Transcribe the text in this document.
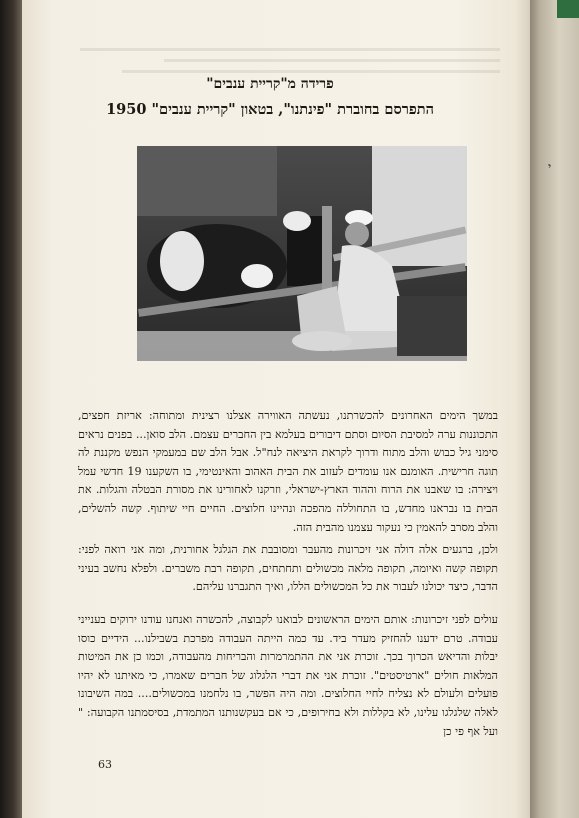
פרידה מ"קריית ענבים"
התפרסם בחוברת "פינתנו", בטאון "קריית ענבים" 1950
במשך הימים האחרונים להכשרתנו, נעשתה האווירה אצלנו רצינית ומתוחה: אריזת חפצים, התכוננות ערה למסיבת הסיום וסתם דיבורים בעלמא בין החברים עצמם. הלב סואן... בפנים נראים סימני גיל כבוש והלב מתוח ודרוך לקראת היציאה לנח"ל. אבל הלב שם במעמקי הנפש מקננת לה תוגה חרישית. האומנם אנו עומדים לעזוב את הבית האהוב והאינטימי, בו השקענו 19 חדשי עמל ויצירה: בו שאבנו את הרוח וההוד הארץ-ישראלי, וזרקנו לאחורינו את מסורת הבטלה והגלות. את הבית בו נבראנו מחדש, בו התחוללה מהפכה ונהיינו חלוצים. החיים חיי שיתוף. קשה להשלים, והלב מסרב להאמין כי נעקור עצמנו מהבית הזה.
ולכן, ברגעים אלה דולה אני זיכרונות מהעבר ומסובבת את הגלגל אחורנית, ומה אני רואה לפני: תקופה קשה ואיומה, תקופה מלאה מכשולים ותחתחים, תקופה רבת משברים. ולפלא נחשב בעיני הדבר, כיצד יכולנו לעבור את כל המכשולים הללו, ואיך התגברנו עליהם.
עולים לפני זיכרונות: אותם הימים הראשונים לבואנו לקבוצה, להכשרה ואנחנו עודנו ירוקים בענייני עבודה. טרם ידענו להחזיק מעדר ביד. עד כמה הייתה העבודה מפרכת בשבילנו... הידיים כוסו יבלות והדיאש הכרוך בכך. זוכרת אני את ההתמרמרות והבריחות מהעבודה, וכמו כן את המיטות המלאות חולים "ארטיסטים". זוכרת אני את דברי הלגלוג של חברים שאמרו, כי מאיתנו לא יהיו פועלים ולעולם לא נצליח לחיי החלוצים. ומה היה הפשר, בו נלחמנו במכשולים.... במה השיבונו לאלה שלגלגו עלינו, לא בקללות ולא בחירופים, כי אם בעקשנותנו המתמדת, בסיסמתנו הקבועה: " ועל אף פי כן
63
י
